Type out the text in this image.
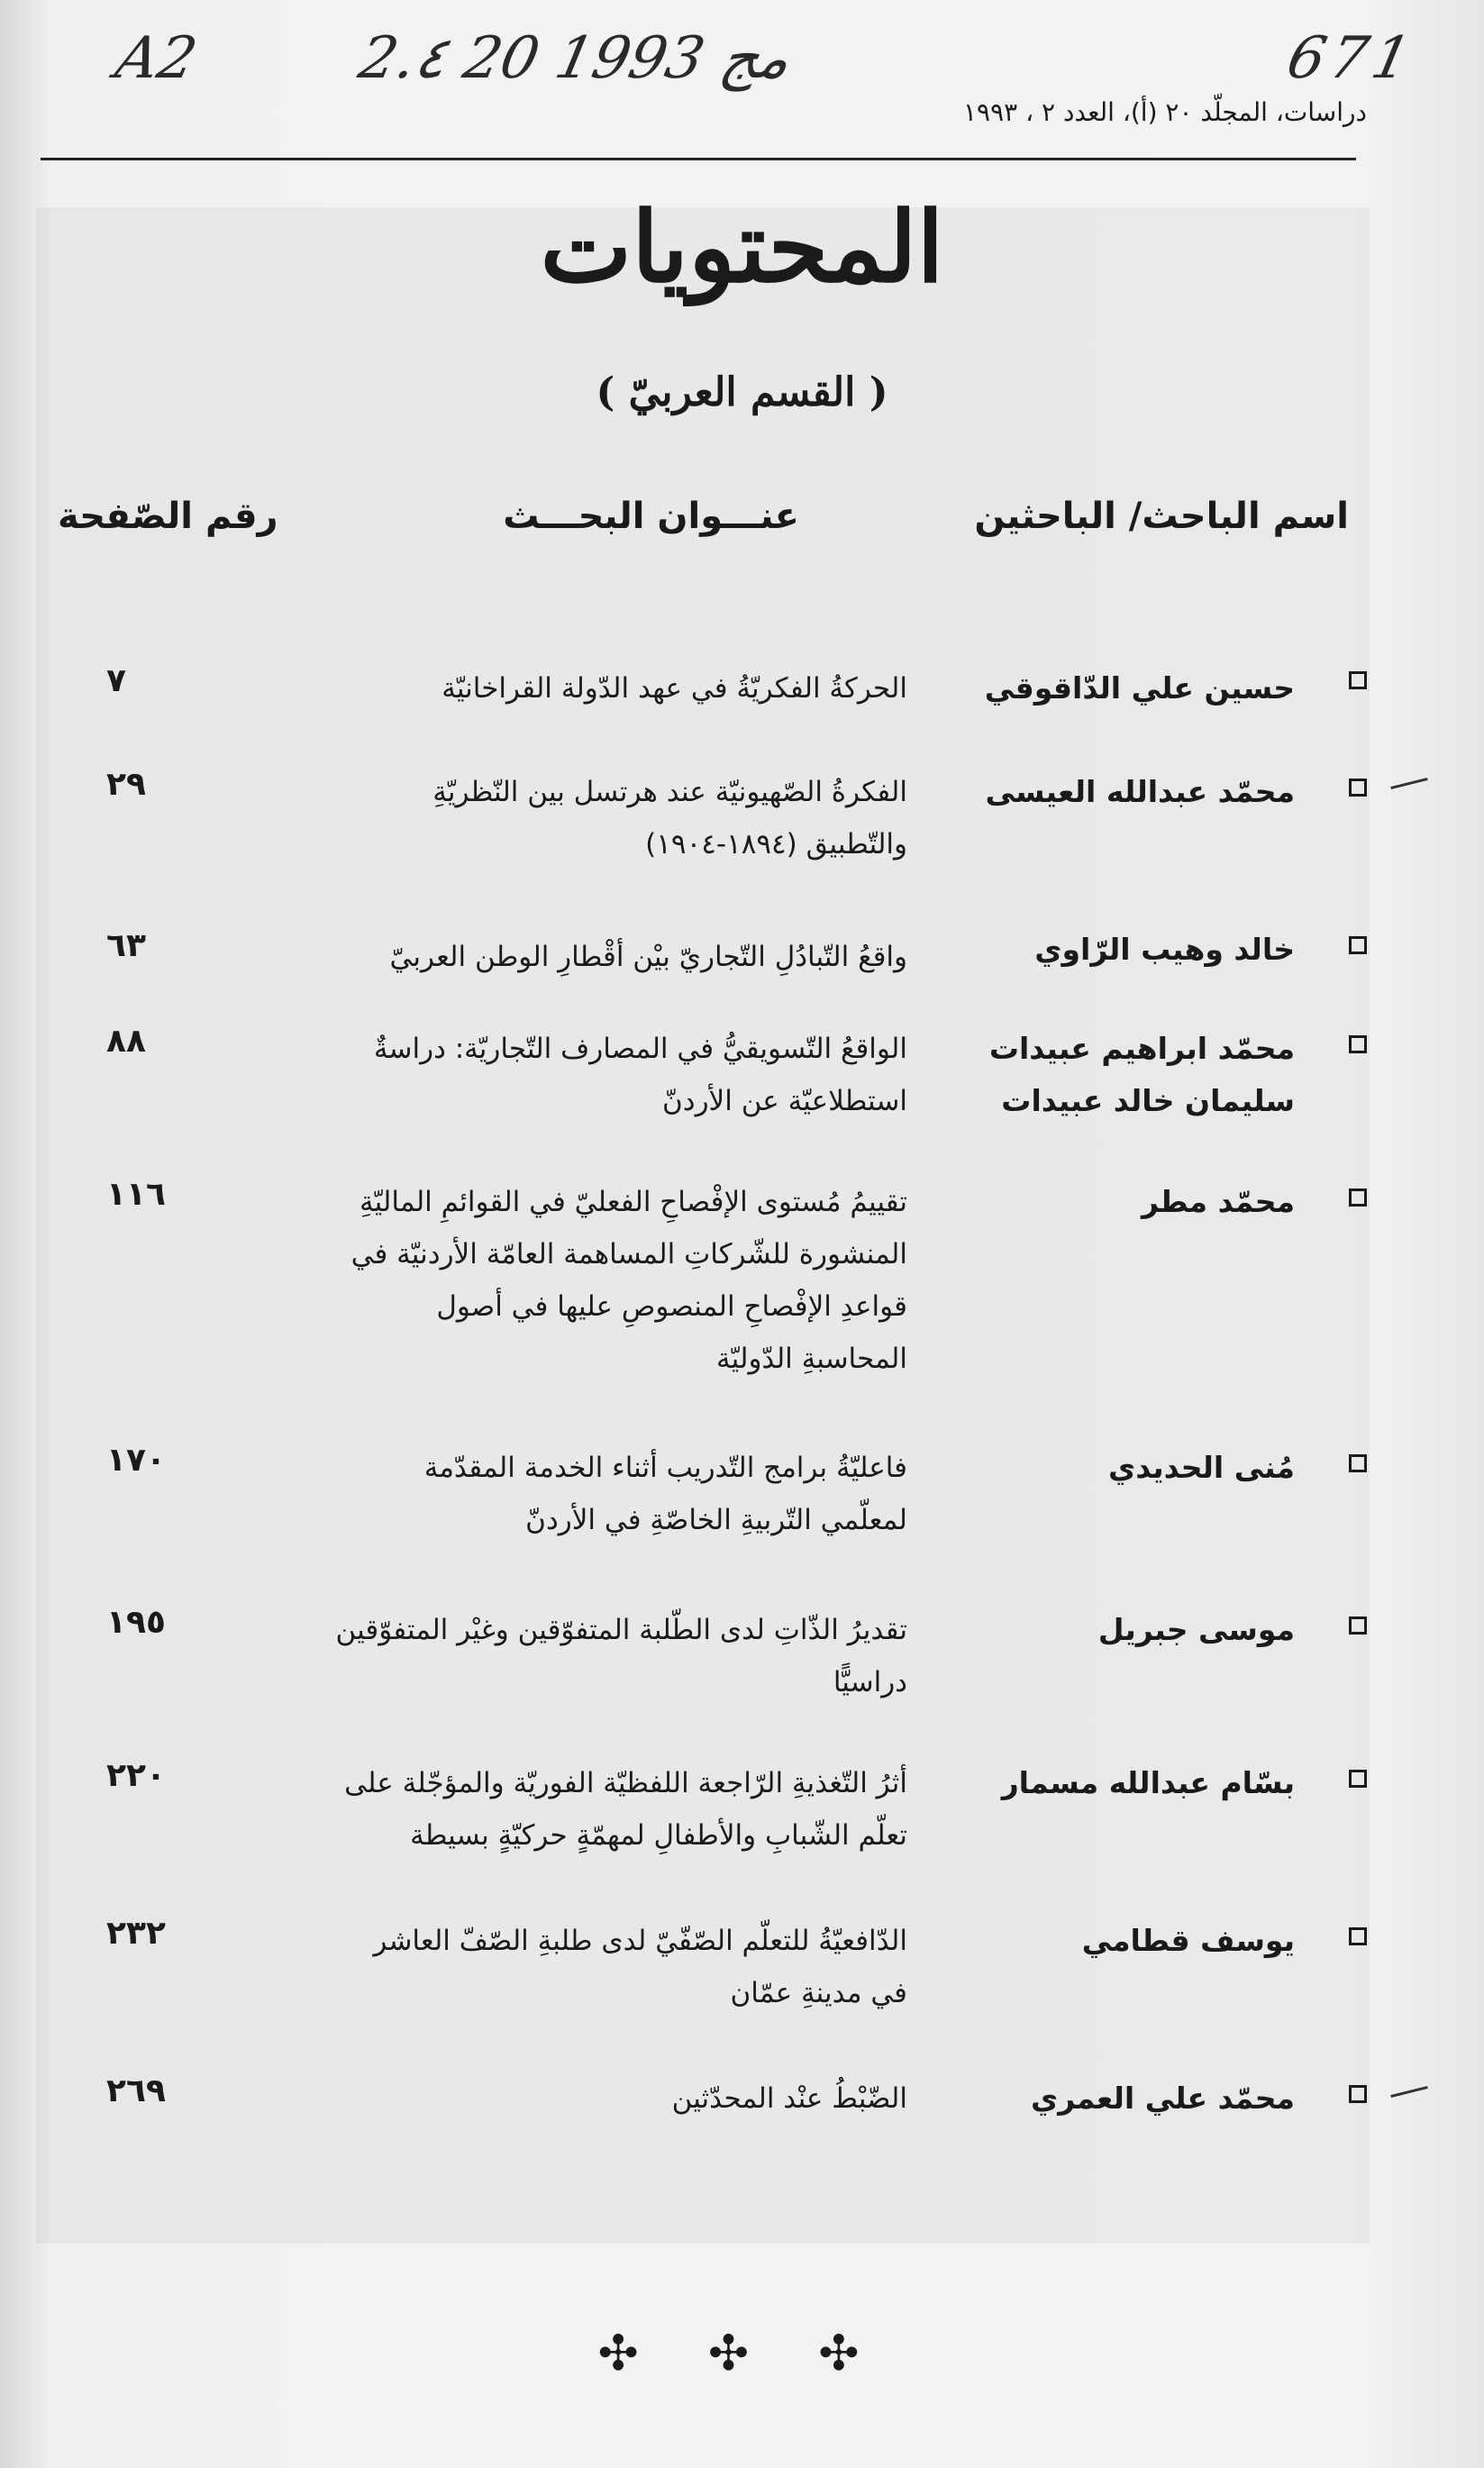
A2	2.٤ 20 مج 1993	671
دراسات، المجلّد ٢٠ (أ)، العدد ٢ ، ١٩٩٣
المحتويات
( القسم العربيّ )
اسم الباحث/ الباحثين
عنـــوان البحـــث
رقم الصّفحة
حسين علي الدّاقوقي
الحركةُ الفكريّةُ في عهد الدّولة القراخانيّة
٧
محمّد عبدالله العيسى
الفكرةُ الصّهيونيّة عند هرتسل بين النّظريّةِ
والتّطبيق (١٨٩٤-١٩٠٤)
٢٩
خالد وهيب الرّاوي
واقعُ التّبادُلِ التّجاريّ بيْن أقْطارِ الوطن العربيّ
٦٣
محمّد ابراهيم عبيدات
سليمان خالد عبيدات
الواقعُ التّسويقيُّ في المصارف التّجاريّة: دراسةٌ
استطلاعيّة عن الأردنّ
٨٨
محمّد مطر
تقييمُ مُستوى الإفْصاحِ الفعليّ في القوائمِ الماليّةِ
المنشورة للشّركاتِ المساهمة العامّة الأردنيّة في
قواعدِ الإفْصاحِ المنصوصِ عليها في أصول
المحاسبةِ الدّوليّة
١١٦
مُنى الحديدي
فاعليّةُ برامج التّدريب أثناء الخدمة المقدّمة
لمعلّمي التّربيةِ الخاصّةِ في الأردنّ
١٧٠
موسى جبريل
تقديرُ الذّاتِ لدى الطّلبة المتفوّقين وغيْر المتفوّقين
دراسيًّا
١٩٥
بسّام عبدالله مسمار
أثرُ التّغذيةِ الرّاجعة اللفظيّة الفوريّة والمؤجّلة على
تعلّم الشّبابِ والأطفالِ لمهمّةٍ حركيّةٍ بسيطة
٢٢٠
يوسف قطامي
الدّافعيّةُ للتعلّم الصّفّيّ لدى طلبةِ الصّفّ العاشر
في مدينةِ عمّان
٢٣٢
محمّد علي العمري
الضّبْطُ عنْد المحدّثين
٢٦٩
✣ ✣ ✣
